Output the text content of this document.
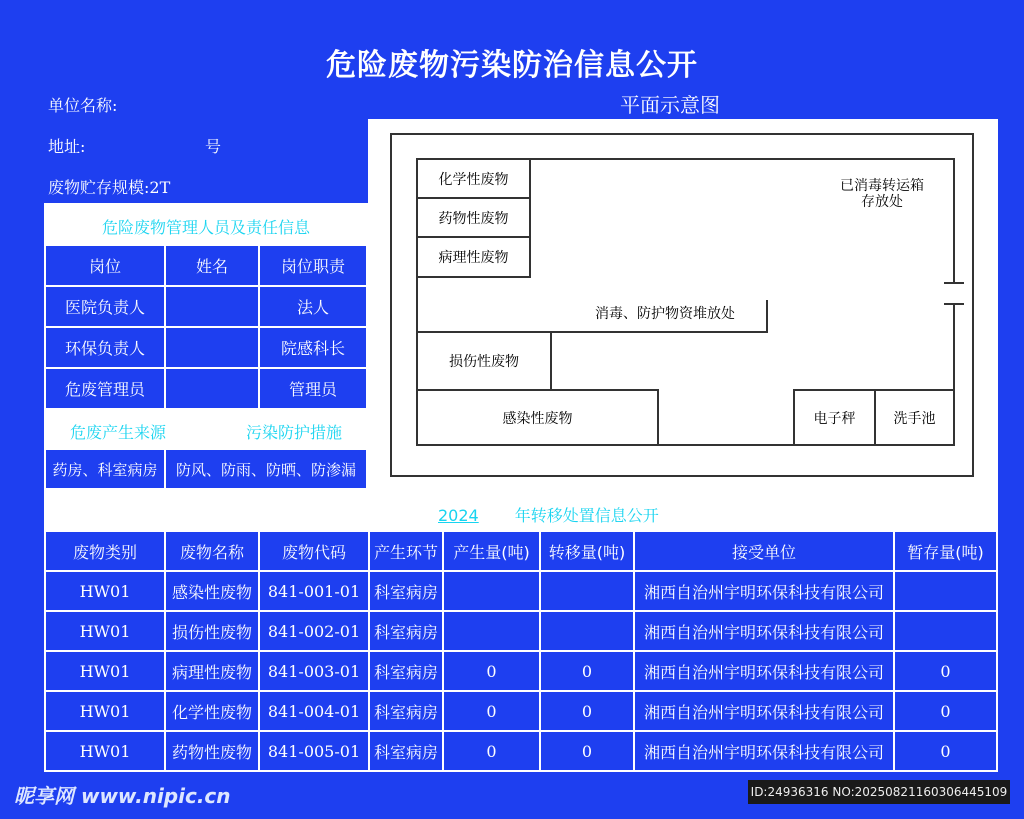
危险废物污染防治信息公开
单位名称:
地址:	号
废物贮存规模:2T
平面示意图
危险废物管理人员及责任信息
岗位	姓名	岗位职责
医院负责人		法人
环保负责人		院感科长
危废管理员		管理员
危废产生来源	污染防护措施
药房、科室病房	防风、防雨、防晒、防渗漏
化学性废物
药物性废物
病理性废物
已消毒转运箱
存放处
消毒、防护物资堆放处
损伤性废物
感染性废物	电子秤	洗手池
2024 年转移处置信息公开
废物类别	废物名称	废物代码	产生环节	产生量(吨)	转移量(吨)	接受单位	暂存量(吨)
HW01	感染性废物	841-001-01	科室病房			湘西自治州宇明环保科技有限公司	
HW01	损伤性废物	841-002-01	科室病房			湘西自治州宇明环保科技有限公司	
HW01	病理性废物	841-003-01	科室病房	0	0	湘西自治州宇明环保科技有限公司	0
HW01	化学性废物	841-004-01	科室病房	0	0	湘西自治州宇明环保科技有限公司	0
HW01	药物性废物	841-005-01	科室病房	0	0	湘西自治州宇明环保科技有限公司	0
昵享网 www.nipic.cn	ID:24936316 NO:20250821160306445109
